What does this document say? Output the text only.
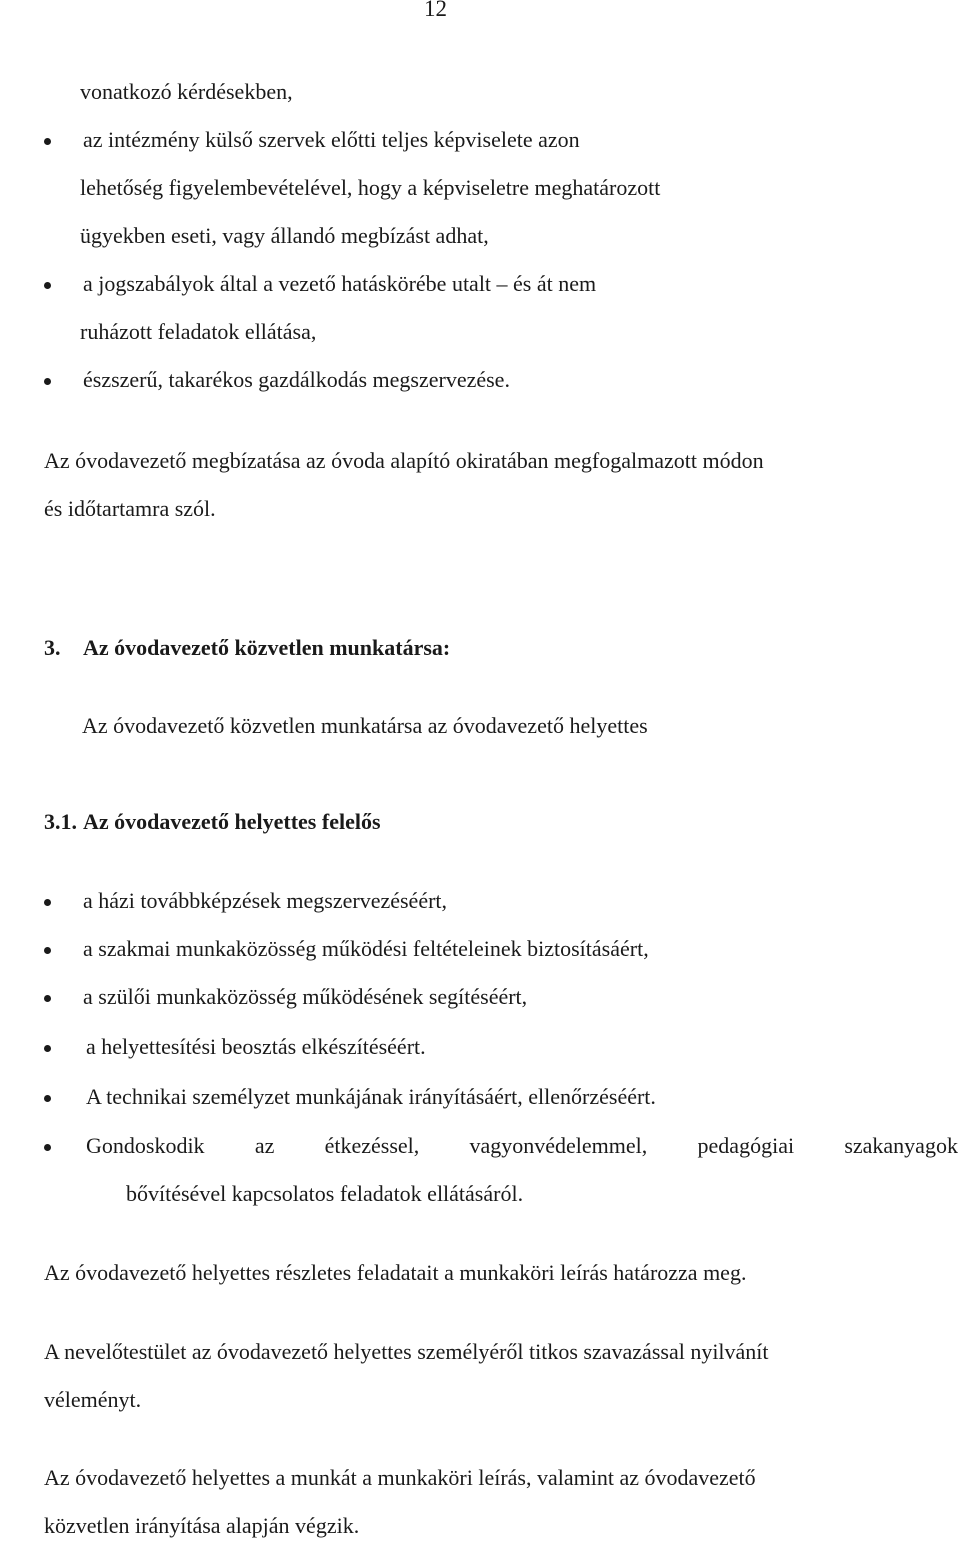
12
vonatkozó kérdésekben,
az intézmény külső szervek előtti teljes képviselete azon
lehetőség figyelembevételével, hogy a képviseletre meghatározott
ügyekben eseti, vagy állandó megbízást adhat,
a jogszabályok által a vezető hatáskörébe utalt – és át nem
ruházott feladatok ellátása,
észszerű, takarékos gazdálkodás megszervezése.
Az óvodavezető megbízatása az óvoda alapító okiratában megfogalmazott módon
és időtartamra szól.
3. Az óvodavezető közvetlen munkatársa:
Az óvodavezető közvetlen munkatársa az óvodavezető helyettes
3.1. Az óvodavezető helyettes felelős
a házi továbbképzések megszervezéséért,
a szakmai munkaközösség működési feltételeinek biztosításáért,
a szülői munkaközösség működésének segítéséért,
a helyettesítési beosztás elkészítéséért.
A technikai személyzet munkájának irányításáért, ellenőrzéséért.
Gondoskodik az étkezéssel, vagyonvédelemmel, pedagógiai szakanyagok
bővítésével kapcsolatos feladatok ellátásáról.
Az óvodavezető helyettes részletes feladatait a munkaköri leírás határozza meg.
A nevelőtestület az óvodavezető helyettes személyéről titkos szavazással nyilvánít
véleményt.
Az óvodavezető helyettes a munkát a munkaköri leírás, valamint az óvodavezető
közvetlen irányítása alapján végzik.
